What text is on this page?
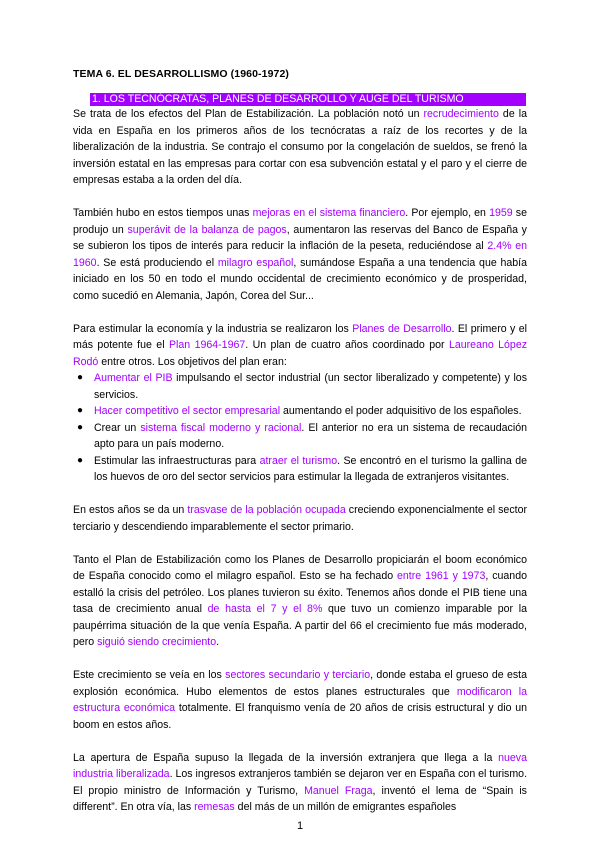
TEMA 6. EL DESARROLLISMO (1960-1972)
1. LOS TECNÓCRATAS, PLANES DE DESARROLLO Y AUGE DEL TURISMO

Se trata de los efectos del Plan de Estabilización. La población notó un recrudecimiento de la vida en España en los primeros años de los tecnócratas a raíz de los recortes y de la liberalización de la industria. Se contrajo el consumo por la congelación de sueldos, se frenó la inversión estatal en las empresas para cortar con esa subvención estatal y el paro y el cierre de empresas estaba a la orden del día.

También hubo en estos tiempos unas mejoras en el sistema financiero. Por ejemplo, en 1959 se produjo un superávit de la balanza de pagos, aumentaron las reservas del Banco de España y se subieron los tipos de interés para reducir la inflación de la peseta, reduciéndose al 2.4% en 1960. Se está produciendo el milagro español, sumándose España a una tendencia que había iniciado en los 50 en todo el mundo occidental de crecimiento económico y de prosperidad, como sucedió en Alemania, Japón, Corea del Sur...

Para estimular la economía y la industria se realizaron los Planes de Desarrollo. El primero y el más potente fue el Plan 1964-1967. Un plan de cuatro años coordinado por Laureano López Rodó entre otros. Los objetivos del plan eran:

● Aumentar el PIB impulsando el sector industrial (un sector liberalizado y competente) y los servicios.
● Hacer competitivo el sector empresarial aumentando el poder adquisitivo de los españoles.
● Crear un sistema fiscal moderno y racional. El anterior no era un sistema de recaudación apto para un país moderno.
● Estimular las infraestructuras para atraer el turismo. Se encontró en el turismo la gallina de los huevos de oro del sector servicios para estimular la llegada de extranjeros visitantes.

En estos años se da un trasvase de la población ocupada creciendo exponencialmente el sector terciario y descendiendo imparablemente el sector primario.

Tanto el Plan de Estabilización como los Planes de Desarrollo propiciarán el boom económico de España conocido como el milagro español. Esto se ha fechado entre 1961 y 1973, cuando estalló la crisis del petróleo. Los planes tuvieron su éxito. Tenemos años donde el PIB tiene una tasa de crecimiento anual de hasta el 7 y el 8% que tuvo un comienzo imparable por la paupérrima situación de la que venía España. A partir del 66 el crecimiento fue más moderado, pero siguió siendo crecimiento.

Este crecimiento se veía en los sectores secundario y terciario, donde estaba el grueso de esta explosión económica. Hubo elementos de estos planes estructurales que modificaron la estructura económica totalmente. El franquismo venía de 20 años de crisis estructural y dio un boom en estos años.

La apertura de España supuso la llegada de la inversión extranjera que llega a la nueva industria liberalizada. Los ingresos extranjeros también se dejaron ver en España con el turismo. El propio ministro de Información y Turismo, Manuel Fraga, inventó el lema de “Spain is different”. En otra vía, las remesas del más de un millón de emigrantes españoles

1
